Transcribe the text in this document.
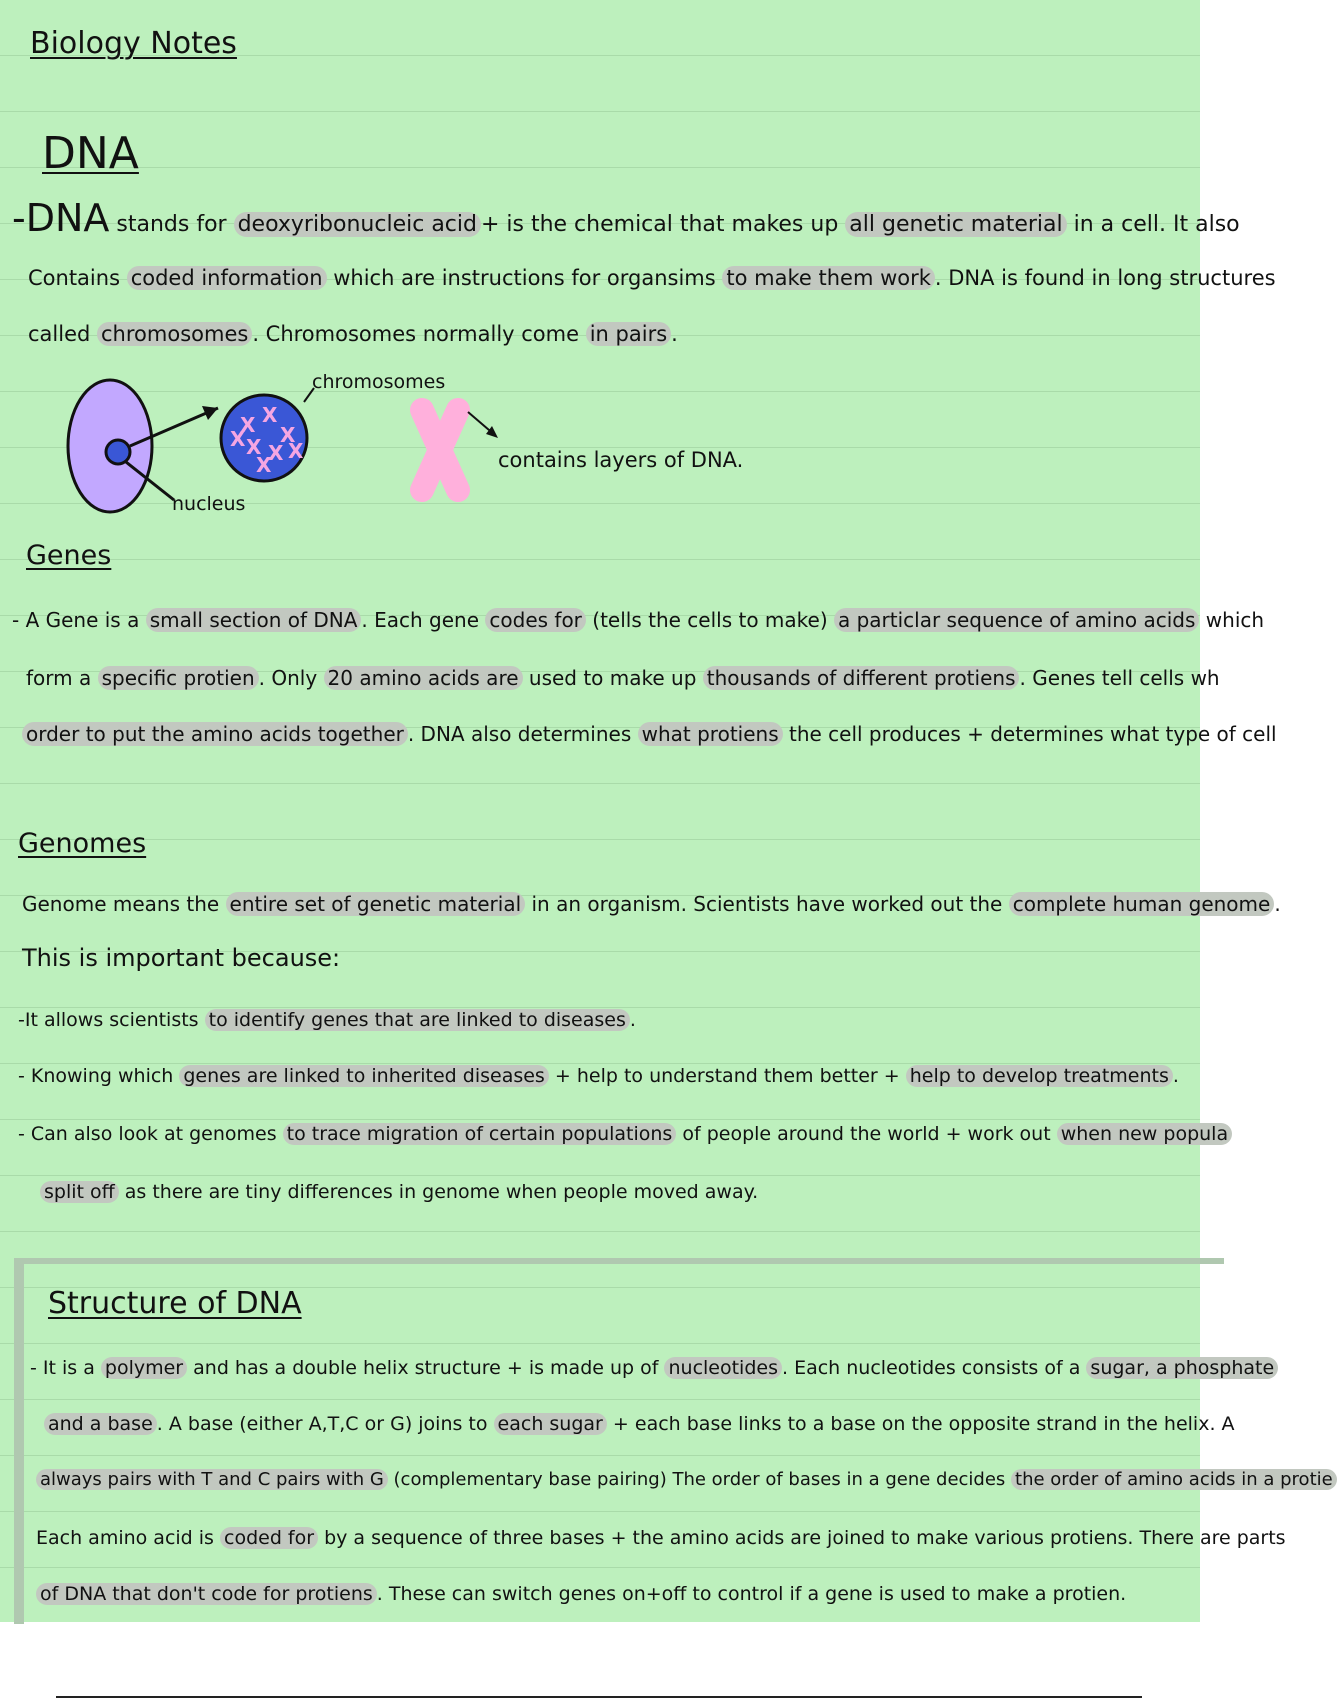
Biology Notes
DNA
-DNA stands for deoxyribonucleic acid + is the chemical that makes up all genetic material in a cell. It also
Contains coded information which are instructions for organsims to make them work . DNA is found in long structures
called chromosomes . Chromosomes normally come in pairs .
X X
X
X X X
X
X
chromosomes
nucleus
contains layers of DNA.
Genes
- A Gene is a small section of DNA . Each gene codes for (tells the cells to make) a particlar sequence of amino acids which
form a specific protien . Only 20 amino acids are used to make up thousands of different protiens . Genes tell cells wh
order to put the amino acids together . DNA also determines what protiens the cell produces + determines what type of cell
Genomes
Genome means the entire set of genetic material in an organism. Scientists have worked out the complete human genome .
This is important because:
-It allows scientists to identify genes that are linked to diseases .
- Knowing which genes are linked to inherited diseases + help to understand them better + help to develop treatments .
- Can also look at genomes to trace migration of certain populations of people around the world + work out when new popula
split off as there are tiny differences in genome when people moved away.
Structure of DNA
- It is a polymer and has a double helix structure + is made up of nucleotides . Each nucleotides consists of a sugar, a phosphate
and a base . A base (either A,T,C or G) joins to each sugar + each base links to a base on the opposite strand in the helix. A
always pairs with T and C pairs with G (complementary base pairing) The order of bases in a gene decides the order of amino acids in a protie
Each amino acid is coded for by a sequence of three bases + the amino acids are joined to make various protiens. There are parts
of DNA that don't code for protiens . These can switch genes on+off to control if a gene is used to make a protien.
